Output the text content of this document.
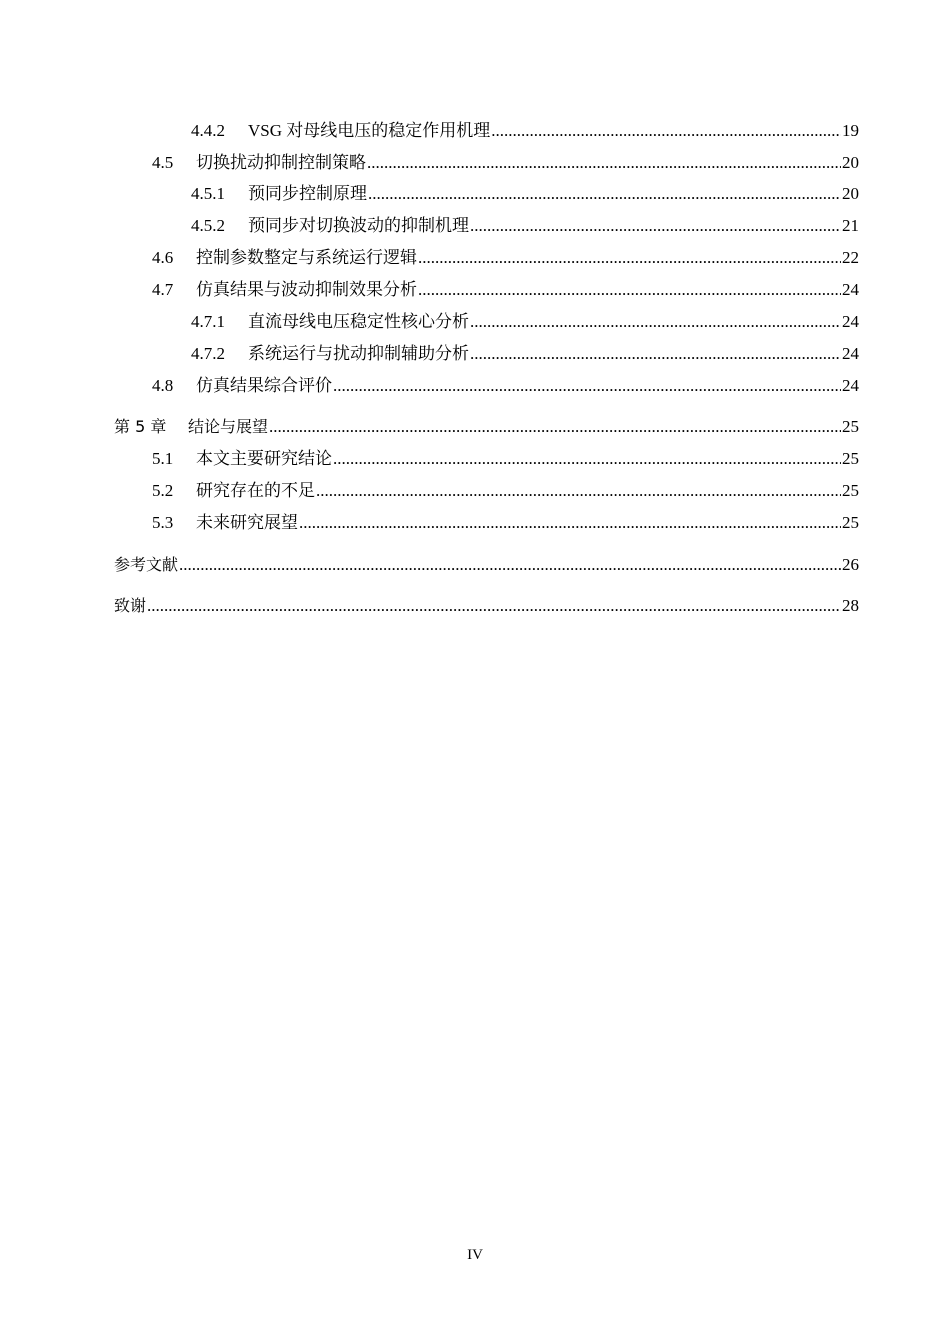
4.4.2	VSG 对母线电压的稳定作用机理 .....	19
4.5	切换扰动抑制控制策略 .....	20
4.5.1	预同步控制原理 .....	20
4.5.2	预同步对切换波动的抑制机理 .....	21
4.6	控制参数整定与系统运行逻辑 .....	22
4.7	仿真结果与波动抑制效果分析 .....	24
4.7.1	直流母线电压稳定性核心分析 .....	24
4.7.2	系统运行与扰动抑制辅助分析 .....	24
4.8	仿真结果综合评价 .....	24
第 5 章	结论与展望 .....	25
5.1	本文主要研究结论 .....	25
5.2	研究存在的不足 .....	25
5.3	未来研究展望 .....	25
参考文献 .....	26
致谢 .....	28
IV
